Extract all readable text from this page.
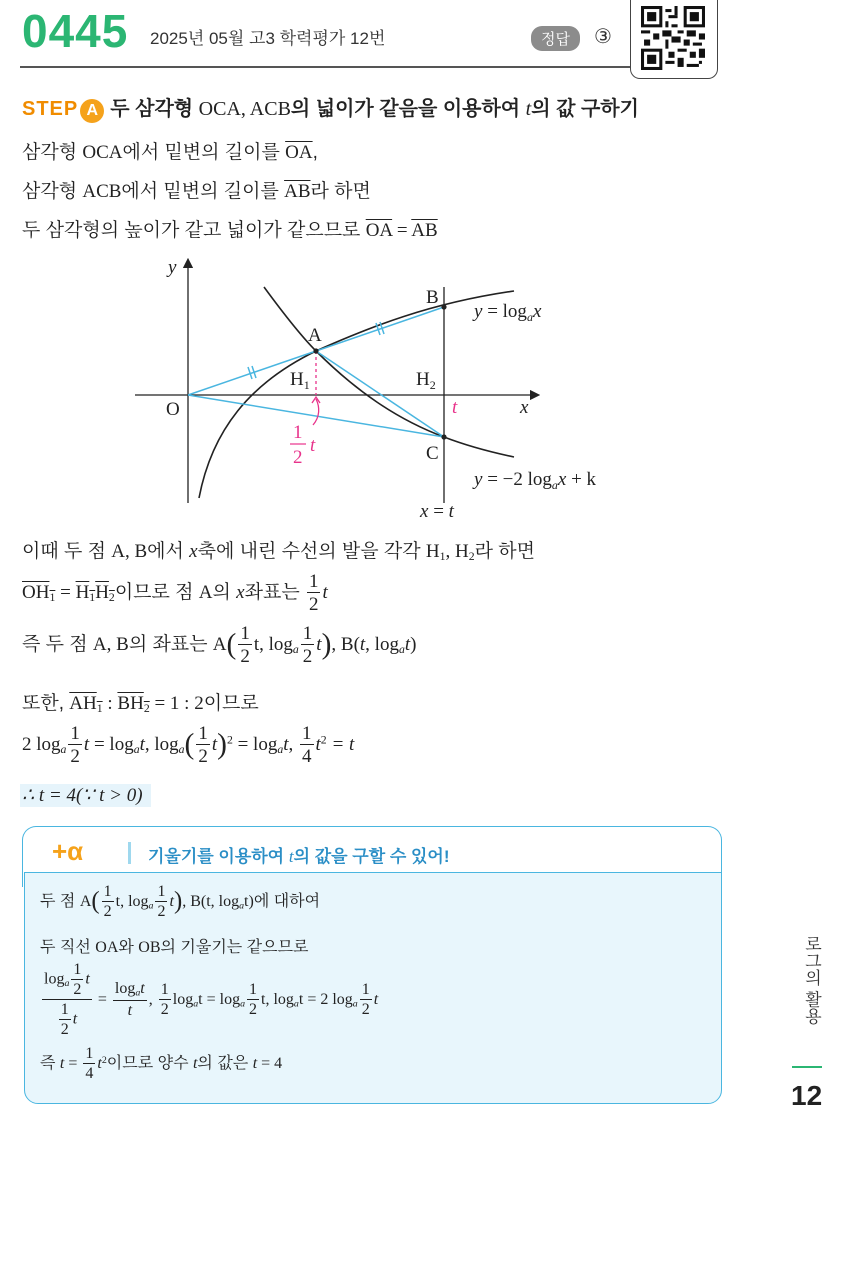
0445 2025년 05월 고3 학력평가 12번	정답	③
STEP A 두 삼각형 OCA, ACB의 넓이가 같음을 이용하여 t의 값 구하기
삼각형 OCA에서 밑변의 길이를 $\overline{OA}$,
삼각형 ACB에서 밑변의 길이를 $\overline{AB}$라 하면
두 삼각형의 높이가 같고 넓이가 같으므로 $\overline{OA} = \overline{AB}$
y
x
O
A
B
C
$H_1$	$H_2$
t
1
2
t
$y = \log_ax$
y = −2 $\log_ax + k$
x = t
이때 두 점 A, B에서 x축에 내린 수선의 발을 각각 $H_1$, $H_2$라 하면
$OH_1 = H_1H_2$이므로 점 A의 x좌표는 $\frac{1}{2}$ t
즉 두 점 A, B의 좌표는 $A( \frac{1}{2} t$, $\log_a \frac{1}{2} t$), B(t, $\log_at$)
또한, $AH_1$ : $BH_2 = 1$ : 2이므로
2 $\log_a \frac{1}{2}$ $t = \log_at$, $\log_a( \frac{1}{2} t)^2 = \log_at$, $\frac{1}{4} t^2 = t$
∴ t = 4(∵ t > 0)
+α	기울기를 이용하여 t의 값을 구할 수 있어!
두 점 $A( \frac{1}{2} t$, $\log_a \frac{1}{2} t$), B(t, $\log_at$)에 대하여
두 직선 OA와 OB의 기울기는 같으므로
$\frac{\log_a \frac{1}{2} t}{\frac{1}{2} t} = \frac{\log_at}{t}$ , $\frac{1}{2} \log_at = \log_a \frac{1}{2} t$, $\log_at = 2$ $\log_a \frac{1}{2}$ t
즉 $t = \frac{1}{4} t^2$이므로 양수 t의 값은 t = 4
로그의 활용
12
